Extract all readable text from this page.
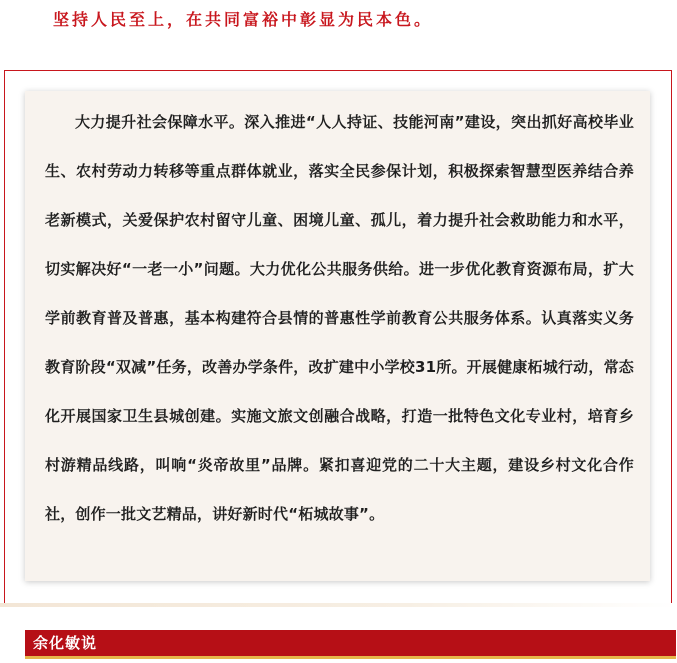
坚持人民至上，在共同富裕中彰显为民本色。

大力提升社会保障水平。深入推进“人人持证、技能河南”建设，突出抓好高校毕业生、农村劳动力转移等重点群体就业，落实全民参保计划，积极探索智慧型医养结合养老新模式，关爱保护农村留守儿童、困境儿童、孤儿，着力提升社会救助能力和水平，切实解决好“一老一小”问题。大力优化公共服务供给。进一步优化教育资源布局，扩大学前教育普及普惠，基本构建符合县情的普惠性学前教育公共服务体系。认真落实义务教育阶段“双减”任务，改善办学条件，改扩建中小学校31所。开展健康柘城行动，常态化开展国家卫生县城创建。实施文旅文创融合战略，打造一批特色文化专业村，培育乡村游精品线路，叫响“炎帝故里”品牌。紧扣喜迎党的二十大主题，建设乡村文化合作社，创作一批文艺精品，讲好新时代“柘城故事”。

余化敏说
